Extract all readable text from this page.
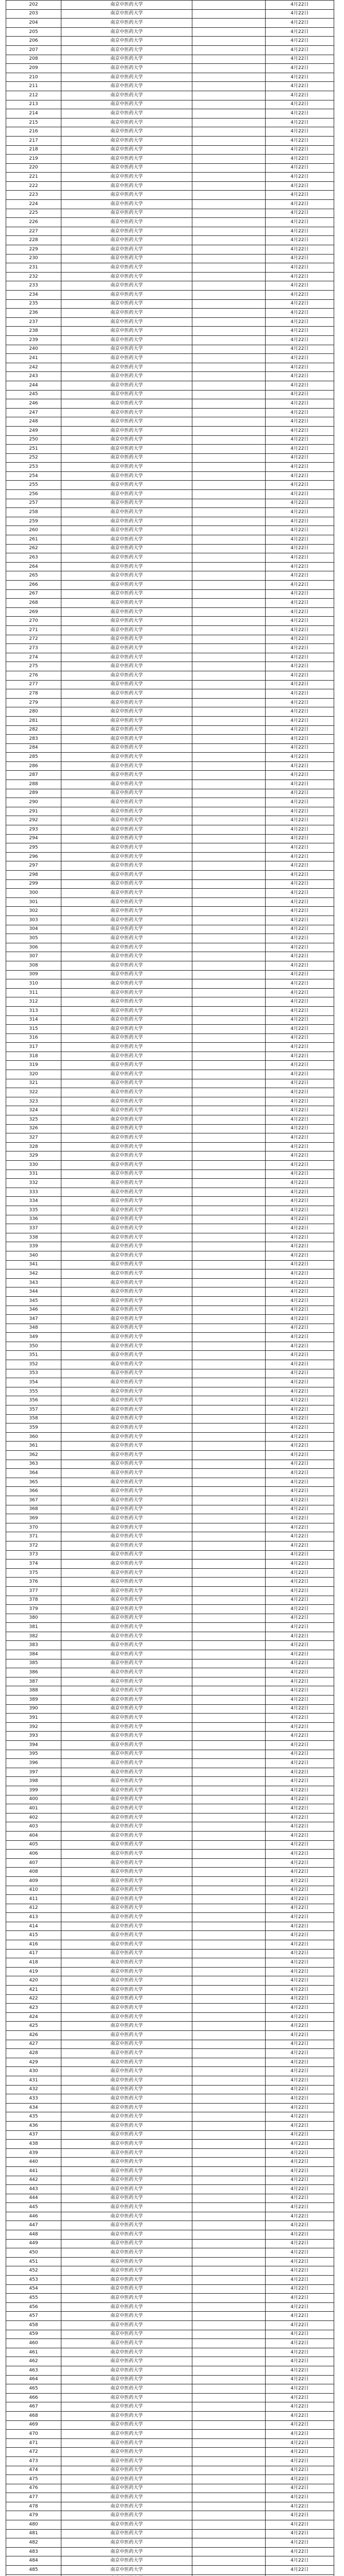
202	南京中医药大学	4月22日
203	南京中医药大学	4月22日
204	南京中医药大学	4月22日
205	南京中医药大学	4月22日
206	南京中医药大学	4月22日
207	南京中医药大学	4月22日
208	南京中医药大学	4月22日
209	南京中医药大学	4月22日
210	南京中医药大学	4月22日
211	南京中医药大学	4月22日
212	南京中医药大学	4月22日
213	南京中医药大学	4月22日
214	南京中医药大学	4月22日
215	南京中医药大学	4月22日
216	南京中医药大学	4月22日
217	南京中医药大学	4月22日
218	南京中医药大学	4月22日
219	南京中医药大学	4月22日
220	南京中医药大学	4月22日
221	南京中医药大学	4月22日
222	南京中医药大学	4月22日
223	南京中医药大学	4月22日
224	南京中医药大学	4月22日
225	南京中医药大学	4月22日
226	南京中医药大学	4月22日
227	南京中医药大学	4月22日
228	南京中医药大学	4月22日
229	南京中医药大学	4月22日
230	南京中医药大学	4月22日
231	南京中医药大学	4月22日
232	南京中医药大学	4月22日
233	南京中医药大学	4月22日
234	南京中医药大学	4月22日
235	南京中医药大学	4月22日
236	南京中医药大学	4月22日
237	南京中医药大学	4月22日
238	南京中医药大学	4月22日
239	南京中医药大学	4月22日
240	南京中医药大学	4月22日
241	南京中医药大学	4月22日
242	南京中医药大学	4月22日
243	南京中医药大学	4月22日
244	南京中医药大学	4月22日
245	南京中医药大学	4月22日
246	南京中医药大学	4月22日
247	南京中医药大学	4月22日
248	南京中医药大学	4月22日
249	南京中医药大学	4月22日
250	南京中医药大学	4月22日
251	南京中医药大学	4月22日
252	南京中医药大学	4月22日
253	南京中医药大学	4月22日
254	南京中医药大学	4月22日
255	南京中医药大学	4月22日
256	南京中医药大学	4月22日
257	南京中医药大学	4月22日
258	南京中医药大学	4月22日
259	南京中医药大学	4月22日
260	南京中医药大学	4月22日
261	南京中医药大学	4月22日
262	南京中医药大学	4月22日
263	南京中医药大学	4月22日
264	南京中医药大学	4月22日
265	南京中医药大学	4月22日
266	南京中医药大学	4月22日
267	南京中医药大学	4月22日
268	南京中医药大学	4月22日
269	南京中医药大学	4月22日
270	南京中医药大学	4月22日
271	南京中医药大学	4月22日
272	南京中医药大学	4月22日
273	南京中医药大学	4月22日
274	南京中医药大学	4月22日
275	南京中医药大学	4月22日
276	南京中医药大学	4月22日
277	南京中医药大学	4月22日
278	南京中医药大学	4月22日
279	南京中医药大学	4月22日
280	南京中医药大学	4月22日
281	南京中医药大学	4月22日
282	南京中医药大学	4月22日
283	南京中医药大学	4月22日
284	南京中医药大学	4月22日
285	南京中医药大学	4月22日
286	南京中医药大学	4月22日
287	南京中医药大学	4月22日
288	南京中医药大学	4月22日
289	南京中医药大学	4月22日
290	南京中医药大学	4月22日
291	南京中医药大学	4月22日
292	南京中医药大学	4月22日
293	南京中医药大学	4月22日
294	南京中医药大学	4月22日
295	南京中医药大学	4月22日
296	南京中医药大学	4月22日
297	南京中医药大学	4月22日
298	南京中医药大学	4月22日
299	南京中医药大学	4月22日
300	南京中医药大学	4月22日
301	南京中医药大学	4月22日
302	南京中医药大学	4月22日
303	南京中医药大学	4月22日
304	南京中医药大学	4月22日
305	南京中医药大学	4月22日
306	南京中医药大学	4月22日
307	南京中医药大学	4月22日
308	南京中医药大学	4月22日
309	南京中医药大学	4月22日
310	南京中医药大学	4月22日
311	南京中医药大学	4月22日
312	南京中医药大学	4月22日
313	南京中医药大学	4月22日
314	南京中医药大学	4月22日
315	南京中医药大学	4月22日
316	南京中医药大学	4月22日
317	南京中医药大学	4月22日
318	南京中医药大学	4月22日
319	南京中医药大学	4月22日
320	南京中医药大学	4月22日
321	南京中医药大学	4月22日
322	南京中医药大学	4月22日
323	南京中医药大学	4月22日
324	南京中医药大学	4月22日
325	南京中医药大学	4月22日
326	南京中医药大学	4月22日
327	南京中医药大学	4月22日
328	南京中医药大学	4月22日
329	南京中医药大学	4月22日
330	南京中医药大学	4月22日
331	南京中医药大学	4月22日
332	南京中医药大学	4月22日
333	南京中医药大学	4月22日
334	南京中医药大学	4月22日
335	南京中医药大学	4月22日
336	南京中医药大学	4月22日
337	南京中医药大学	4月22日
338	南京中医药大学	4月22日
339	南京中医药大学	4月22日
340	南京中医药大学	4月22日
341	南京中医药大学	4月22日
342	南京中医药大学	4月22日
343	南京中医药大学	4月22日
344	南京中医药大学	4月22日
345	南京中医药大学	4月22日
346	南京中医药大学	4月22日
347	南京中医药大学	4月22日
348	南京中医药大学	4月22日
349	南京中医药大学	4月22日
350	南京中医药大学	4月22日
351	南京中医药大学	4月22日
352	南京中医药大学	4月22日
353	南京中医药大学	4月22日
354	南京中医药大学	4月22日
355	南京中医药大学	4月22日
356	南京中医药大学	4月22日
357	南京中医药大学	4月22日
358	南京中医药大学	4月22日
359	南京中医药大学	4月22日
360	南京中医药大学	4月22日
361	南京中医药大学	4月22日
362	南京中医药大学	4月22日
363	南京中医药大学	4月22日
364	南京中医药大学	4月22日
365	南京中医药大学	4月22日
366	南京中医药大学	4月22日
367	南京中医药大学	4月22日
368	南京中医药大学	4月22日
369	南京中医药大学	4月22日
370	南京中医药大学	4月22日
371	南京中医药大学	4月22日
372	南京中医药大学	4月22日
373	南京中医药大学	4月22日
374	南京中医药大学	4月22日
375	南京中医药大学	4月22日
376	南京中医药大学	4月22日
377	南京中医药大学	4月22日
378	南京中医药大学	4月22日
379	南京中医药大学	4月22日
380	南京中医药大学	4月22日
381	南京中医药大学	4月22日
382	南京中医药大学	4月22日
383	南京中医药大学	4月22日
384	南京中医药大学	4月22日
385	南京中医药大学	4月22日
386	南京中医药大学	4月22日
387	南京中医药大学	4月22日
388	南京中医药大学	4月22日
389	南京中医药大学	4月22日
390	南京中医药大学	4月22日
391	南京中医药大学	4月22日
392	南京中医药大学	4月22日
393	南京中医药大学	4月22日
394	南京中医药大学	4月22日
395	南京中医药大学	4月22日
396	南京中医药大学	4月22日
397	南京中医药大学	4月22日
398	南京中医药大学	4月22日
399	南京中医药大学	4月22日
400	南京中医药大学	4月22日
401	南京中医药大学	4月22日
402	南京中医药大学	4月22日
403	南京中医药大学	4月22日
404	南京中医药大学	4月22日
405	南京中医药大学	4月22日
406	南京中医药大学	4月22日
407	南京中医药大学	4月22日
408	南京中医药大学	4月22日
409	南京中医药大学	4月22日
410	南京中医药大学	4月22日
411	南京中医药大学	4月22日
412	南京中医药大学	4月22日
413	南京中医药大学	4月22日
414	南京中医药大学	4月22日
415	南京中医药大学	4月22日
416	南京中医药大学	4月22日
417	南京中医药大学	4月22日
418	南京中医药大学	4月22日
419	南京中医药大学	4月22日
420	南京中医药大学	4月22日
421	南京中医药大学	4月22日
422	南京中医药大学	4月22日
423	南京中医药大学	4月22日
424	南京中医药大学	4月22日
425	南京中医药大学	4月22日
426	南京中医药大学	4月22日
427	南京中医药大学	4月22日
428	南京中医药大学	4月22日
429	南京中医药大学	4月22日
430	南京中医药大学	4月22日
431	南京中医药大学	4月22日
432	南京中医药大学	4月22日
433	南京中医药大学	4月22日
434	南京中医药大学	4月22日
435	南京中医药大学	4月22日
436	南京中医药大学	4月22日
437	南京中医药大学	4月22日
438	南京中医药大学	4月22日
439	南京中医药大学	4月22日
440	南京中医药大学	4月22日
441	南京中医药大学	4月22日
442	南京中医药大学	4月22日
443	南京中医药大学	4月22日
444	南京中医药大学	4月22日
445	南京中医药大学	4月22日
446	南京中医药大学	4月22日
447	南京中医药大学	4月22日
448	南京中医药大学	4月22日
449	南京中医药大学	4月22日
450	南京中医药大学	4月22日
451	南京中医药大学	4月22日
452	南京中医药大学	4月22日
453	南京中医药大学	4月22日
454	南京中医药大学	4月22日
455	南京中医药大学	4月22日
456	南京中医药大学	4月22日
457	南京中医药大学	4月22日
458	南京中医药大学	4月22日
459	南京中医药大学	4月22日
460	南京中医药大学	4月22日
461	南京中医药大学	4月22日
462	南京中医药大学	4月22日
463	南京中医药大学	4月22日
464	南京中医药大学	4月22日
465	南京中医药大学	4月22日
466	南京中医药大学	4月22日
467	南京中医药大学	4月22日
468	南京中医药大学	4月22日
469	南京中医药大学	4月22日
470	南京中医药大学	4月22日
471	南京中医药大学	4月22日
472	南京中医药大学	4月22日
473	南京中医药大学	4月22日
474	南京中医药大学	4月22日
475	南京中医药大学	4月22日
476	南京中医药大学	4月22日
477	南京中医药大学	4月22日
478	南京中医药大学	4月22日
479	南京中医药大学	4月22日
480	南京中医药大学	4月22日
481	南京中医药大学	4月22日
482	南京中医药大学	4月22日
483	南京中医药大学	4月22日
484	南京中医药大学	4月22日
485	南京中医药大学	4月22日
